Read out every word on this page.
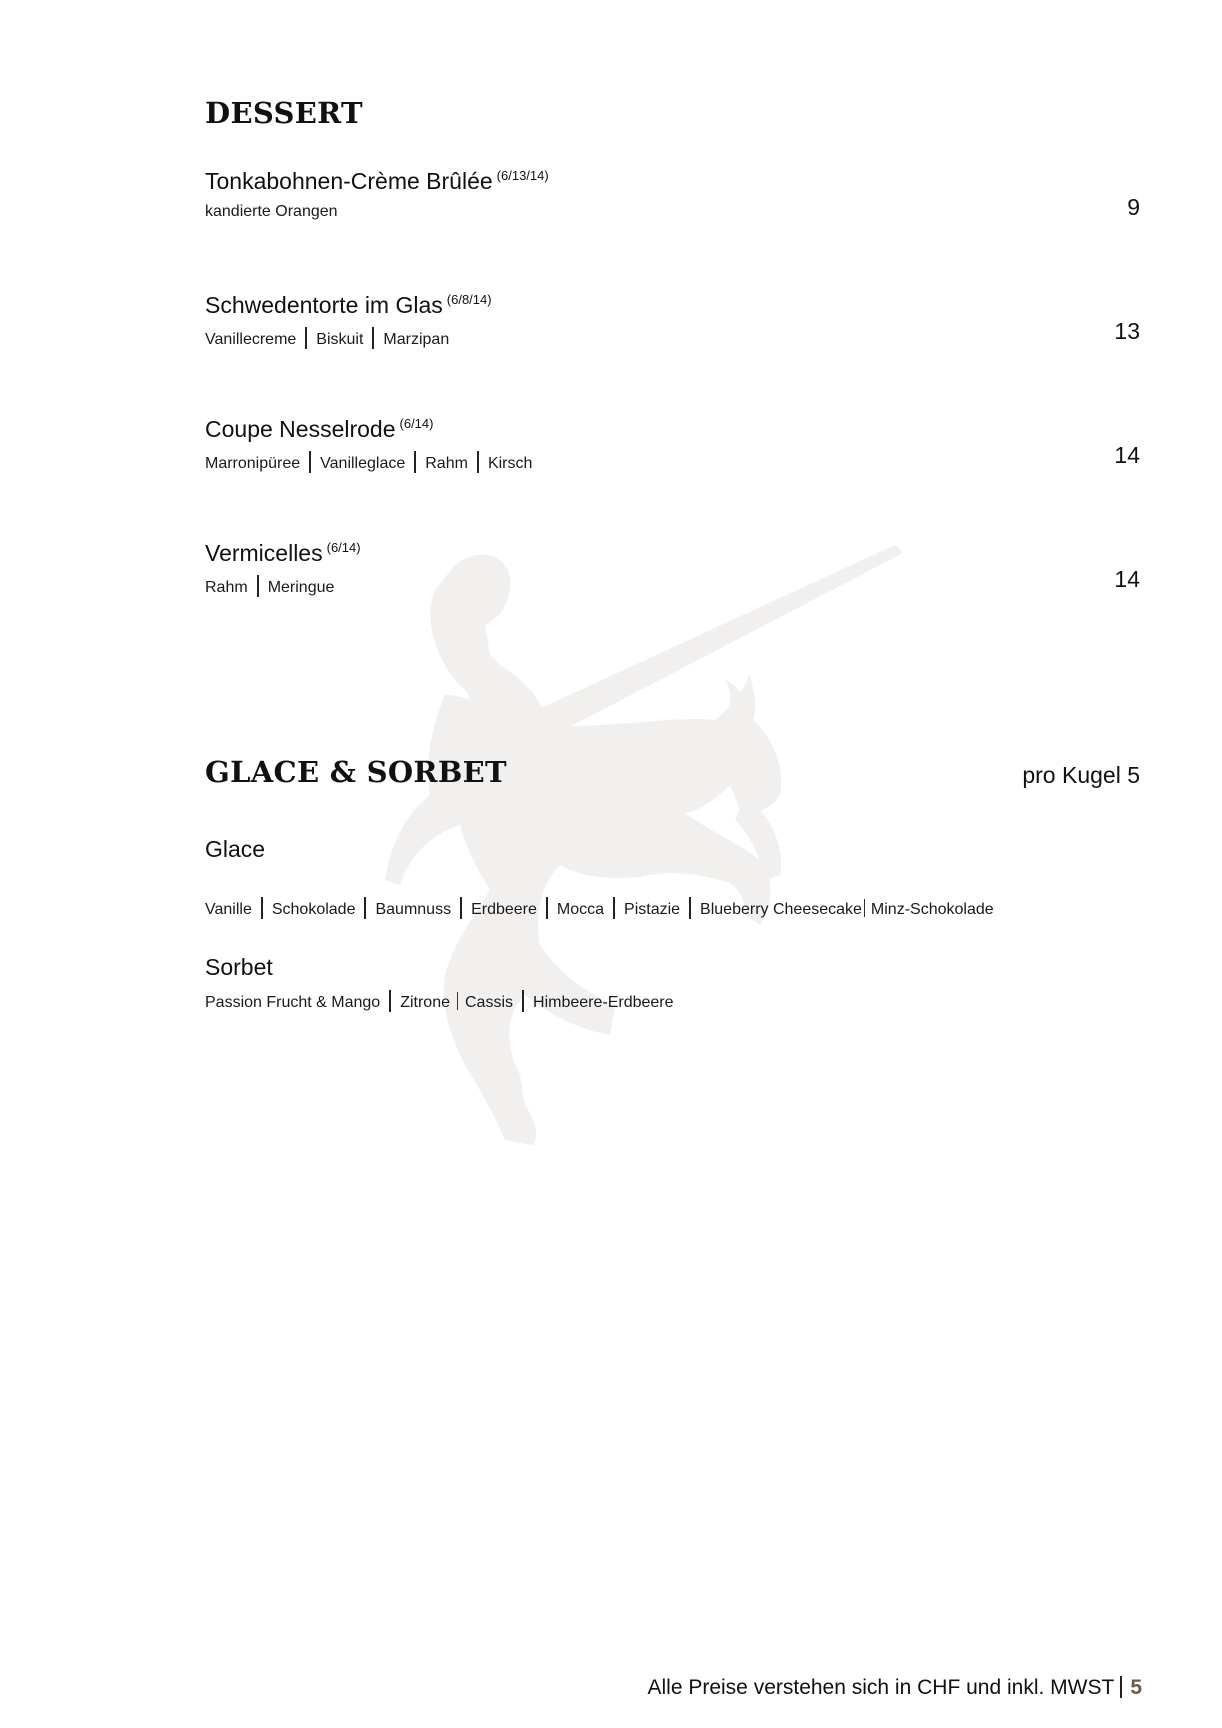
DESSERT
Tonkabohnen-Crème Brûlée $^{(6/13/14)}$
kandierte Orangen	9
Schwedentorte im Glas $^{(6/8/14)}$
Vanillecreme Biskuit Marzipan	13
Coupe Nesselrode $^{(6/14)}$
Marronipüree Vanilleglace Rahm Kirsch	14
Vermicelles $^{(6/14)}$
Rahm Meringue	14
GLACE & SORBET	pro Kugel 5
Glace
Vanille Schokolade Baumnuss Erdbeere Mocca Pistazie Blueberry Cheesecake Minz-Schokolade
Sorbet
Passion Frucht & Mango Zitrone Cassis Himbeere-Erdbeere
Alle Preise verstehen sich in CHF und inkl. MWST 5
